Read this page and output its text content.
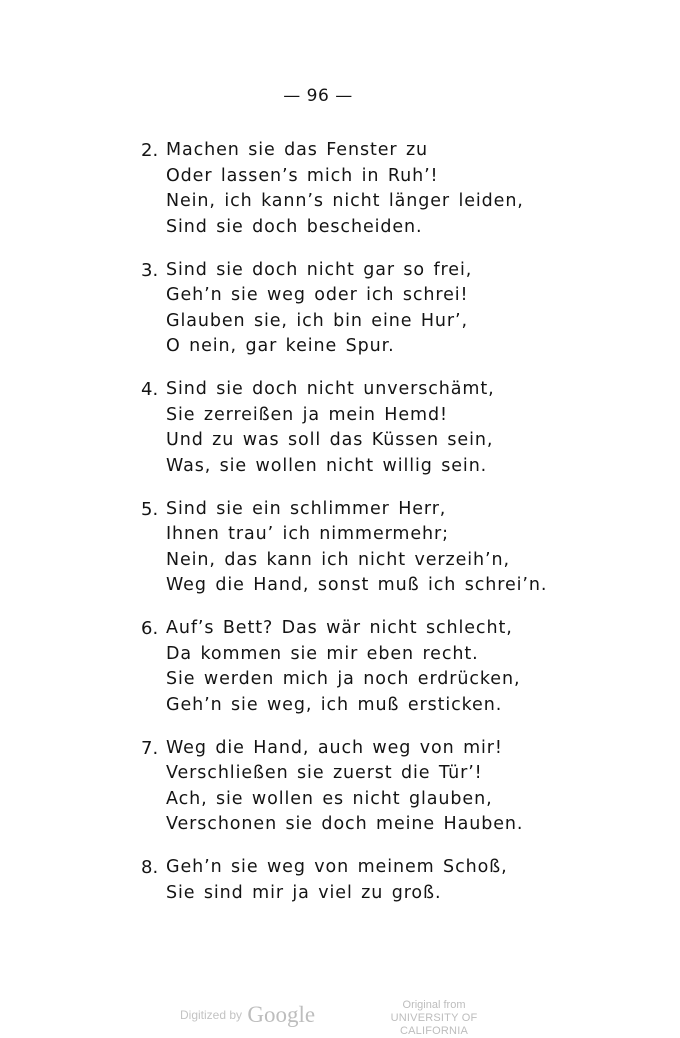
— 96 —
2. Machen sie das Fenster zu
Oder lassen’s mich in Ruh’!
Nein, ich kann’s nicht länger leiden,
Sind sie doch bescheiden.
3. Sind sie doch nicht gar so frei,
Geh’n sie weg oder ich schrei!
Glauben sie, ich bin eine Hur’,
O nein, gar keine Spur.
4. Sind sie doch nicht unverschämt,
Sie zerreißen ja mein Hemd!
Und zu was soll das Küssen sein,
Was, sie wollen nicht willig sein.
5. Sind sie ein schlimmer Herr,
Ihnen trau’ ich nimmermehr;
Nein, das kann ich nicht verzeih’n,
Weg die Hand, sonst muß ich schrei’n.
6. Auf’s Bett? Das wär nicht schlecht,
Da kommen sie mir eben recht.
Sie werden mich ja noch erdrücken,
Geh’n sie weg, ich muß ersticken.
7. Weg die Hand, auch weg von mir!
Verschließen sie zuerst die Tür’!
Ach, sie wollen es nicht glauben,
Verschonen sie doch meine Hauben.
8. Geh’n sie weg von meinem Schoß,
Sie sind mir ja viel zu groß.
Digitized by Google	Original from
UNIVERSITY OF CALIFORNIA
